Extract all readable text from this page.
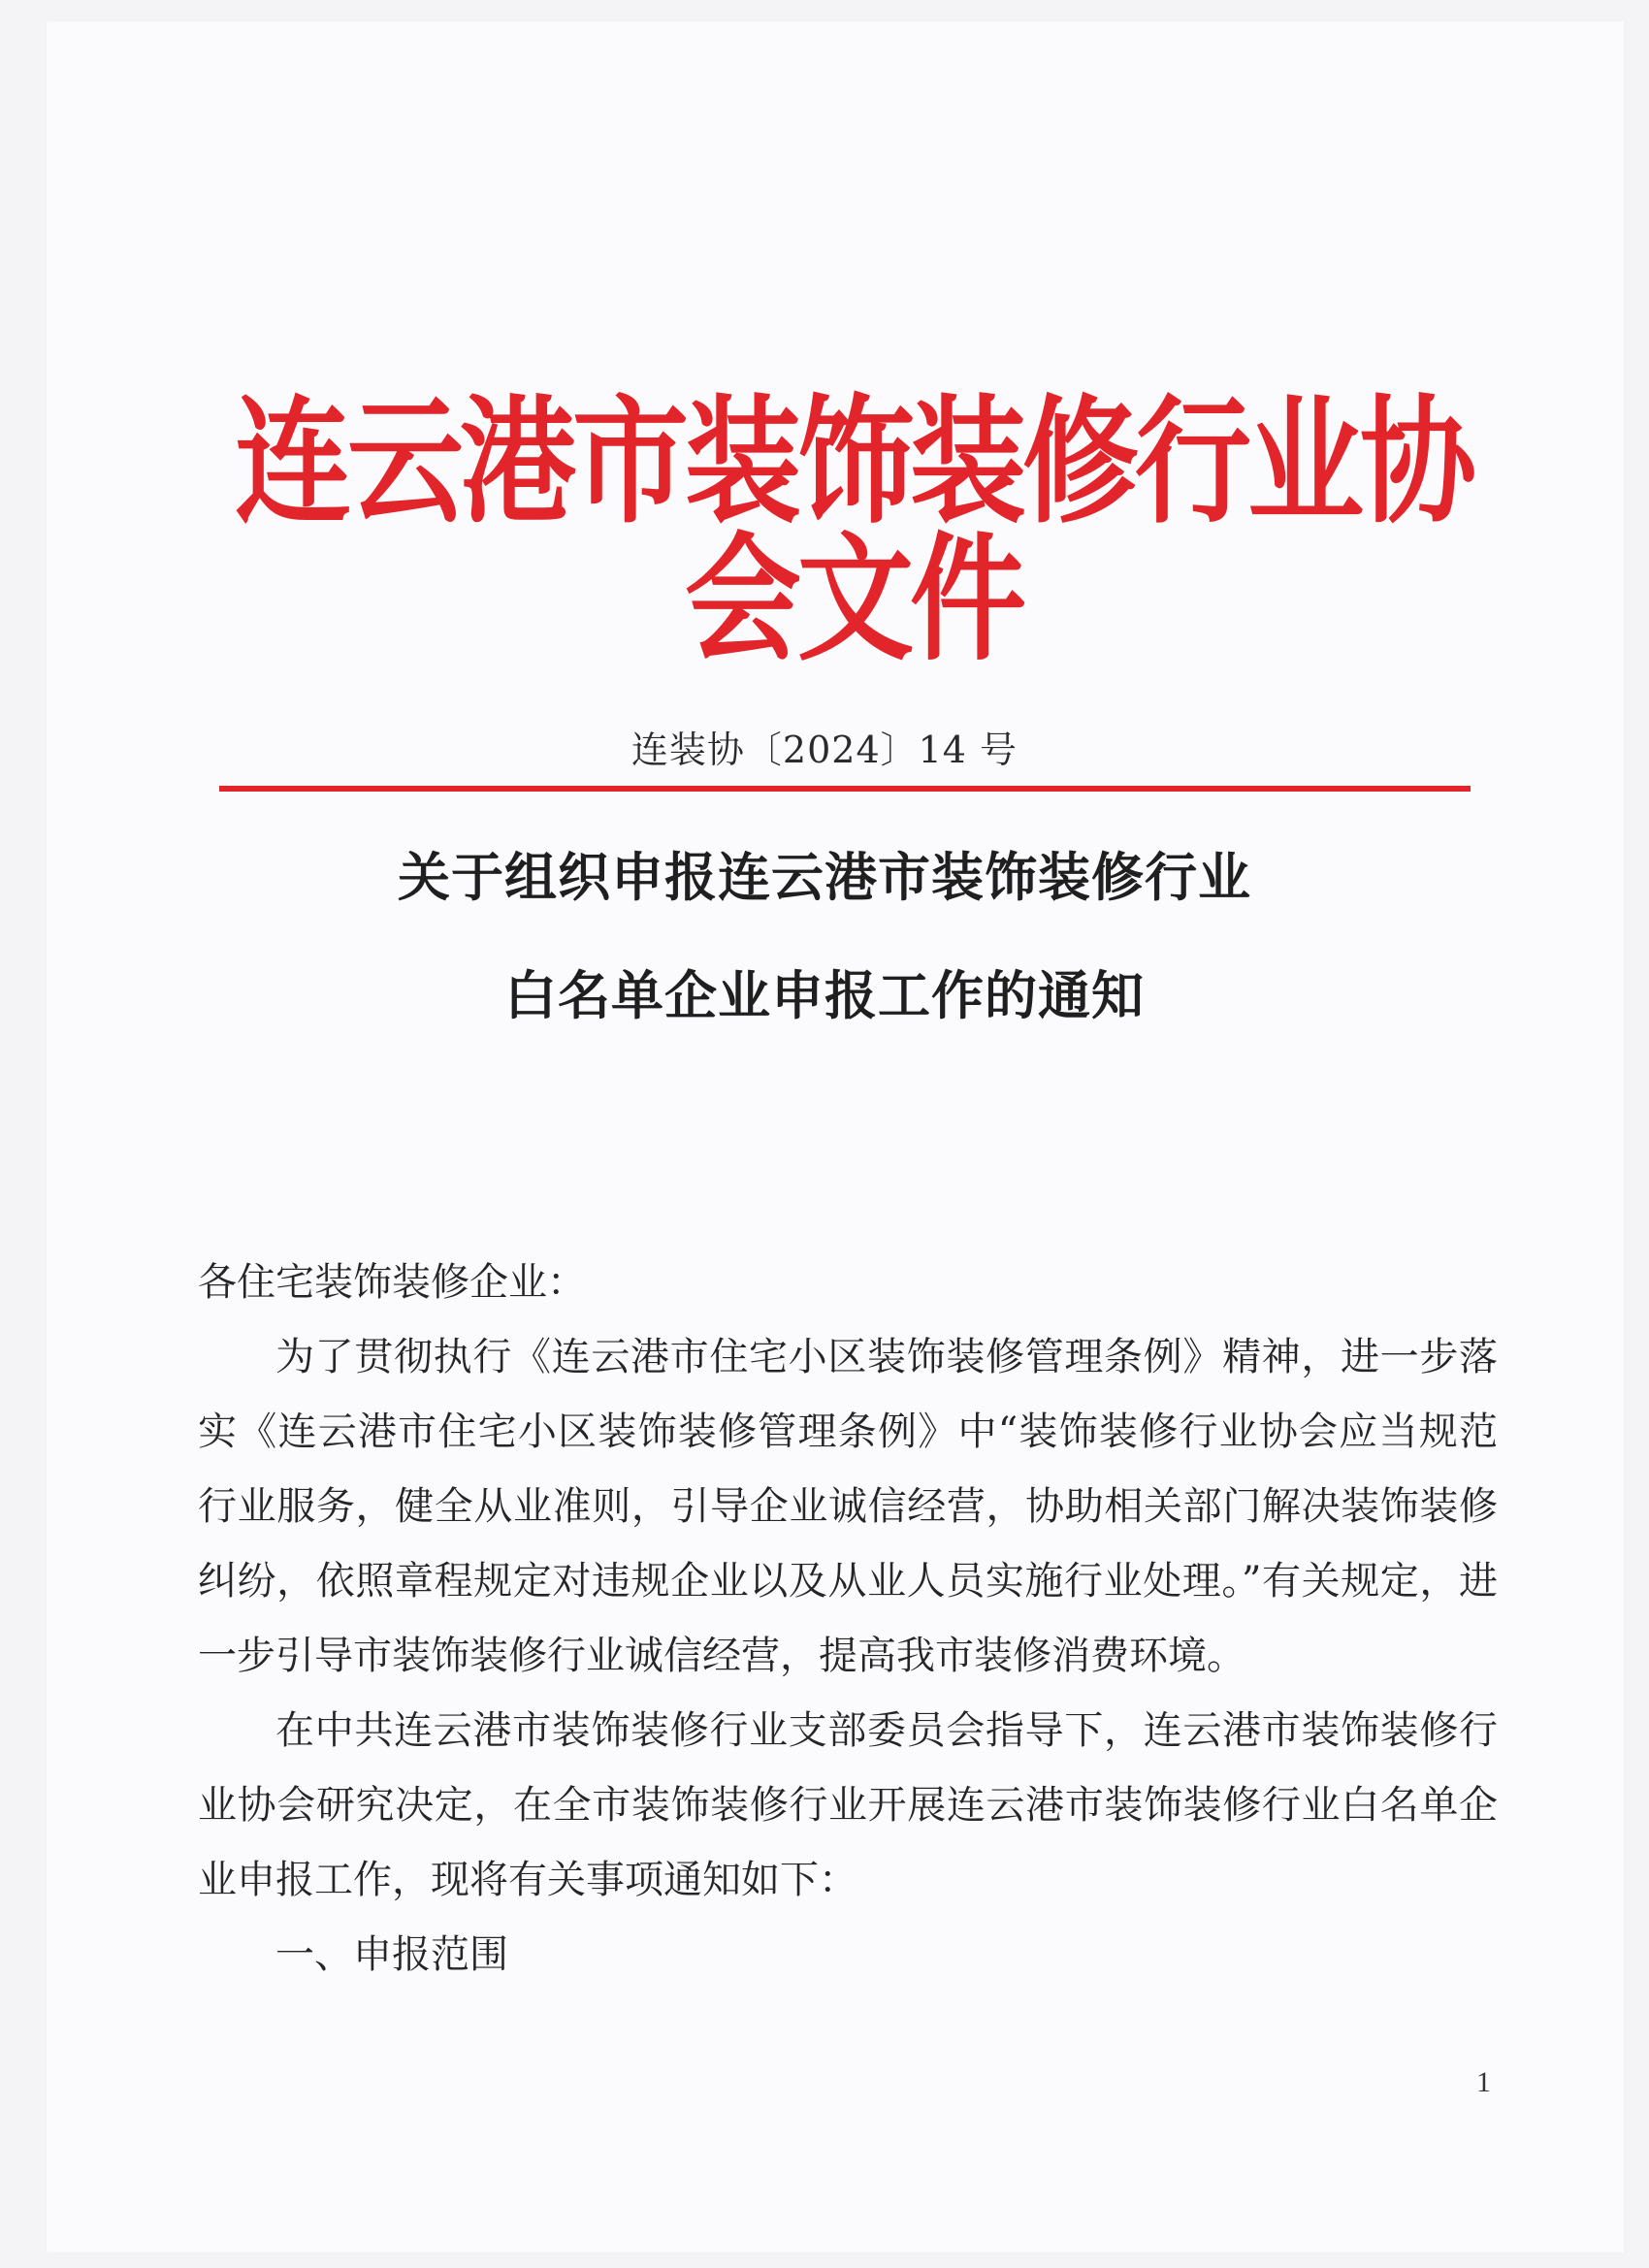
连云港市装饰装修行业协会文件
连装协〔2024〕14 号
关于组织申报连云港市装饰装修行业
白名单企业申报工作的通知

各住宅装饰装修企业：

为了贯彻执行《连云港市住宅小区装饰装修管理条例》精神，进一步落实《连云港市住宅小区装饰装修管理条例》中“装饰装修行业协会应当规范行业服务，健全从业准则，引导企业诚信经营，协助相关部门解决装饰装修纠纷，依照章程规定对违规企业以及从业人员实施行业处理。”有关规定，进一步引导市装饰装修行业诚信经营，提高我市装修消费环境。

在中共连云港市装饰装修行业支部委员会指导下，连云港市装饰装修行业协会研究决定，在全市装饰装修行业开展连云港市装饰装修行业白名单企业申报工作，现将有关事项通知如下：

一、申报范围

1
